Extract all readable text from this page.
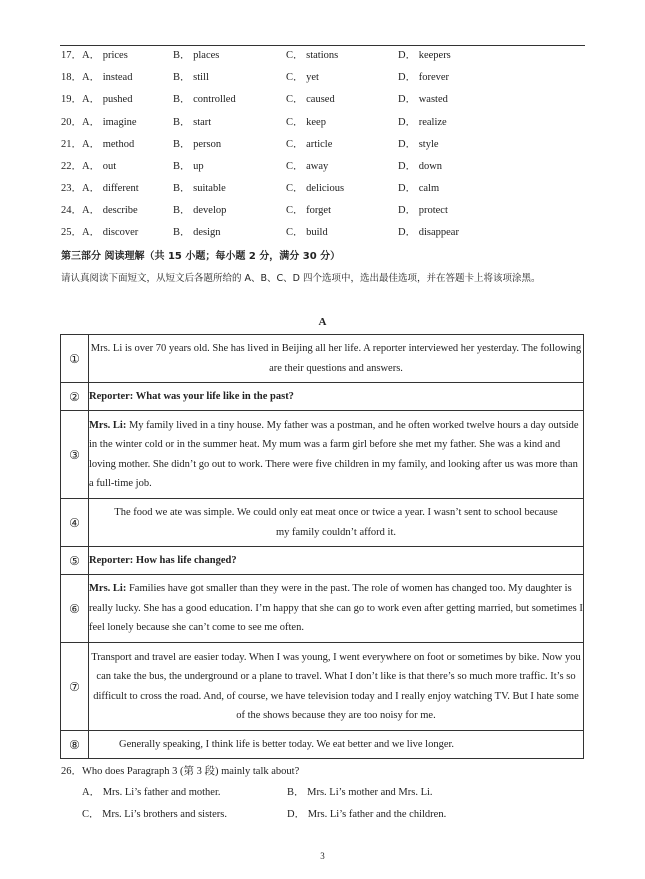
17． A． prices	B． places	C． stations	D． keepers
18． A． instead	B． still	C． yet	D． forever
19． A． pushed	B． controlled	C． caused	D． wasted
20． A． imagine	B． start	C． keep	D． realize
21． A． method	B． person	C． article	D． style
22． A． out	B． up	C． away	D． down
23． A． different	B． suitable	C． delicious	D． calm
24． A． describe	B． develop	C． forget	D． protect
25． A． discover	B． design	C． build	D． disappear
第三部分 阅读理解（共 15 小题；每小题 2 分，满分 30 分）
请认真阅读下面短文，从短文后各题所给的 A、B、C、D 四个选项中，选出最佳选项，并在答题卡上将该项涂黑。
A
①	Mrs. Li is over 70 years old. She has lived in Beijing all her life. A reporter interviewed her yesterday. The following are their questions and answers.
②	Reporter: What was your life like in the past?
③	Mrs. Li: My family lived in a tiny house. My father was a postman, and he often worked twelve hours a day outside in the winter cold or in the summer heat. My mum was a farm girl before she met my father. She was a kind and loving mother. She didn’t go out to work. There were five children in my family, and looking after us was more than a full-time job.
④	The food we ate was simple. We could only eat meat once or twice a year. I wasn’t sent to school because my family couldn’t afford it.
⑤	Reporter: How has life changed?
⑥	Mrs. Li: Families have got smaller than they were in the past. The role of women has changed too. My daughter is really lucky. She has a good education. I’m happy that she can go to work even after getting married, but sometimes I feel lonely because she can’t come to see me often.
⑦	Transport and travel are easier today. When I was young, I went everywhere on foot or sometimes by bike. Now you can take the bus, the underground or a plane to travel. What I don’t like is that there’s so much more traffic. It’s so difficult to cross the road. And, of course, we have television today and I really enjoy watching TV. But I hate some of the shows because they are too noisy for me.
⑧	Generally speaking, I think life is better today. We eat better and we live longer.
26．Who does Paragraph 3 (第 3 段) mainly talk about?
A． Mrs. Li’s father and mother.	B． Mrs. Li’s mother and Mrs. Li.
C． Mrs. Li’s brothers and sisters.	D． Mrs. Li’s father and the children.
3
